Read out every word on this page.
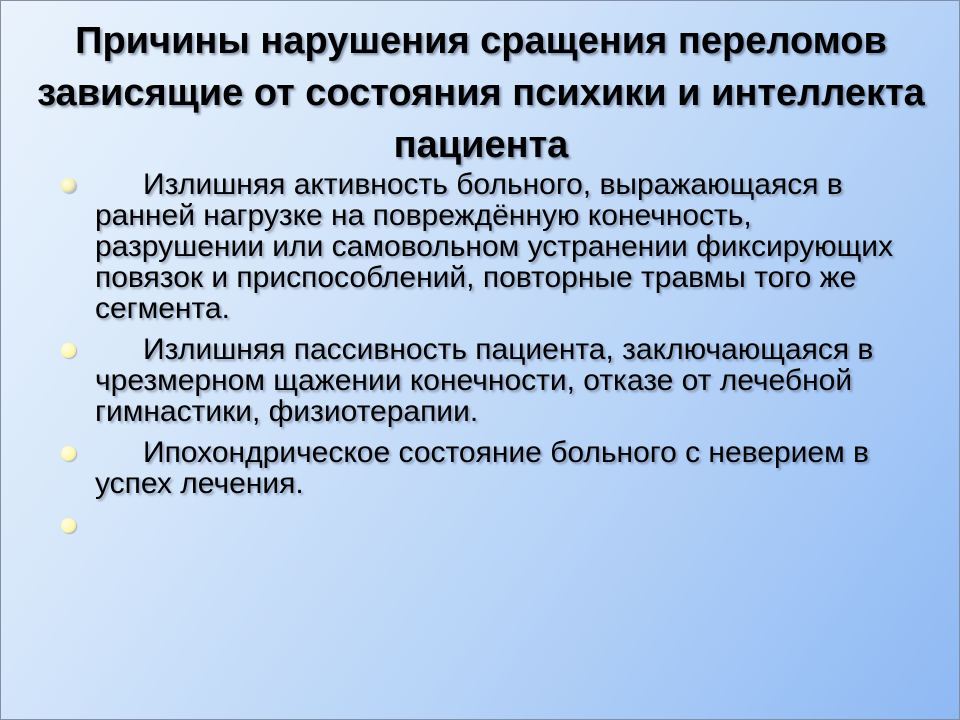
Причины нарушения сращения переломов зависящие от состояния психики и интеллекта пациента
Излишняя активность больного, выражающаяся в ранней нагрузке на повреждённую конечность, разрушении или самовольном устранении фиксирующих повязок и приспособлений, повторные травмы того же сегмента.
Излишняя пассивность пациента, заключающаяся в чрезмерном щажении конечности, отказе от лечебной гимнастики, физиотерапии.
Ипохондрическое состояние больного с неверием в успех лечения.
